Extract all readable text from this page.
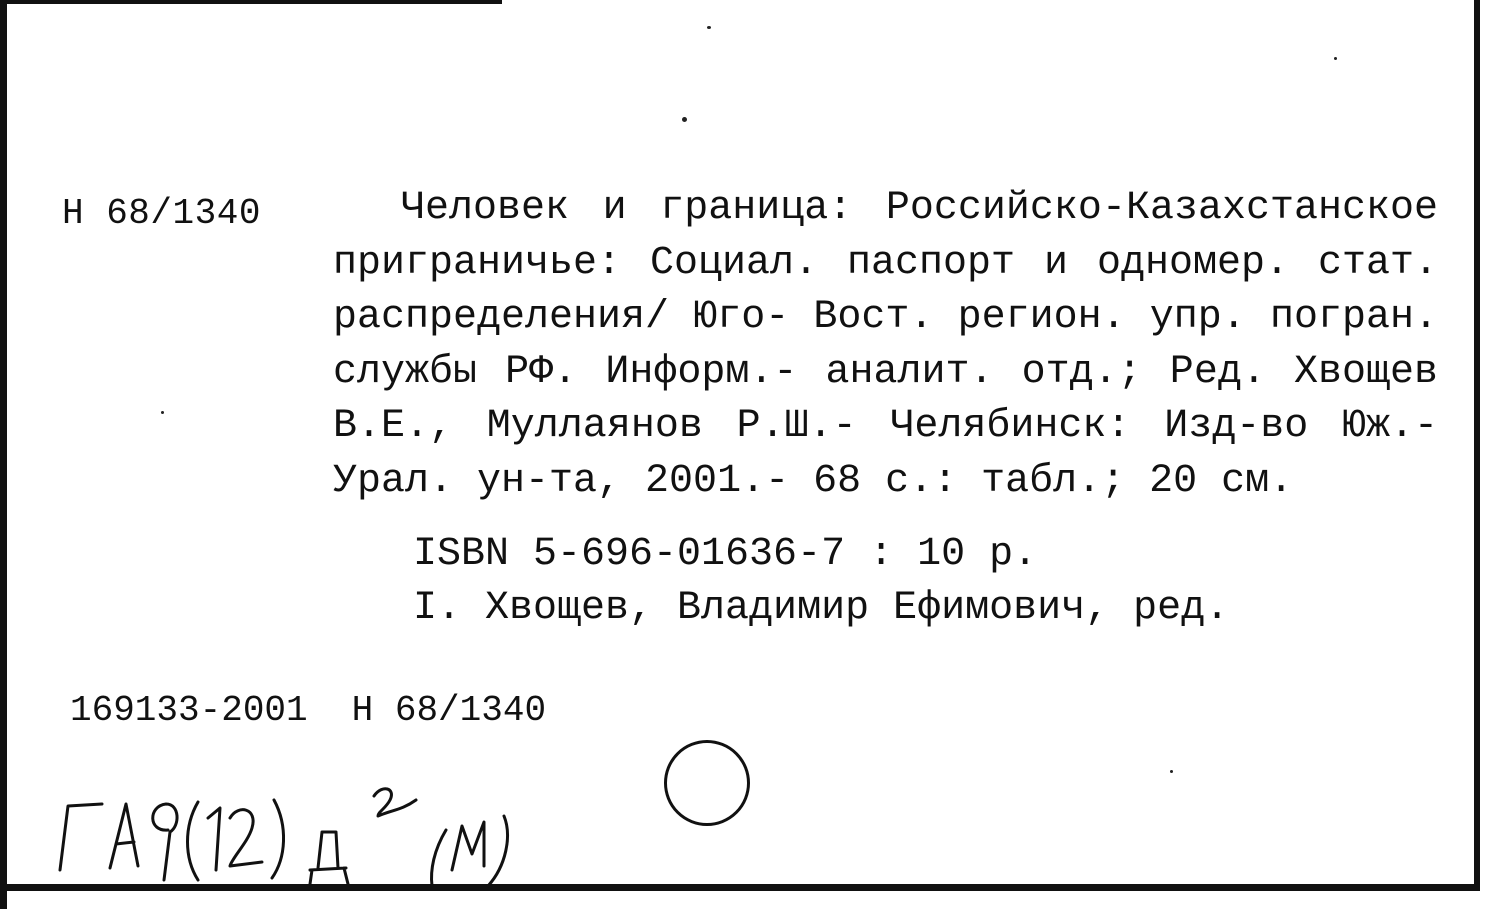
Н 68/1340	Человек и граница: Российско-Казахстанское приграничье: Социал. паспорт и одномер. стат. распределения/ Юго- Вост. регион. упр. погран. службы РФ. Информ.- аналит. отд.; Ред. Хвощев В.Е., Муллаянов Р.Ш.- Челябинск: Изд-во Юж.- Урал. ун-та, 2001.- 68 с.: табл.; 20 см.
ISBN 5-696-01636-7 : 10 р.
I. Хвощев, Владимир Ефимович, ред.
169133-2001 Н 68/1340
